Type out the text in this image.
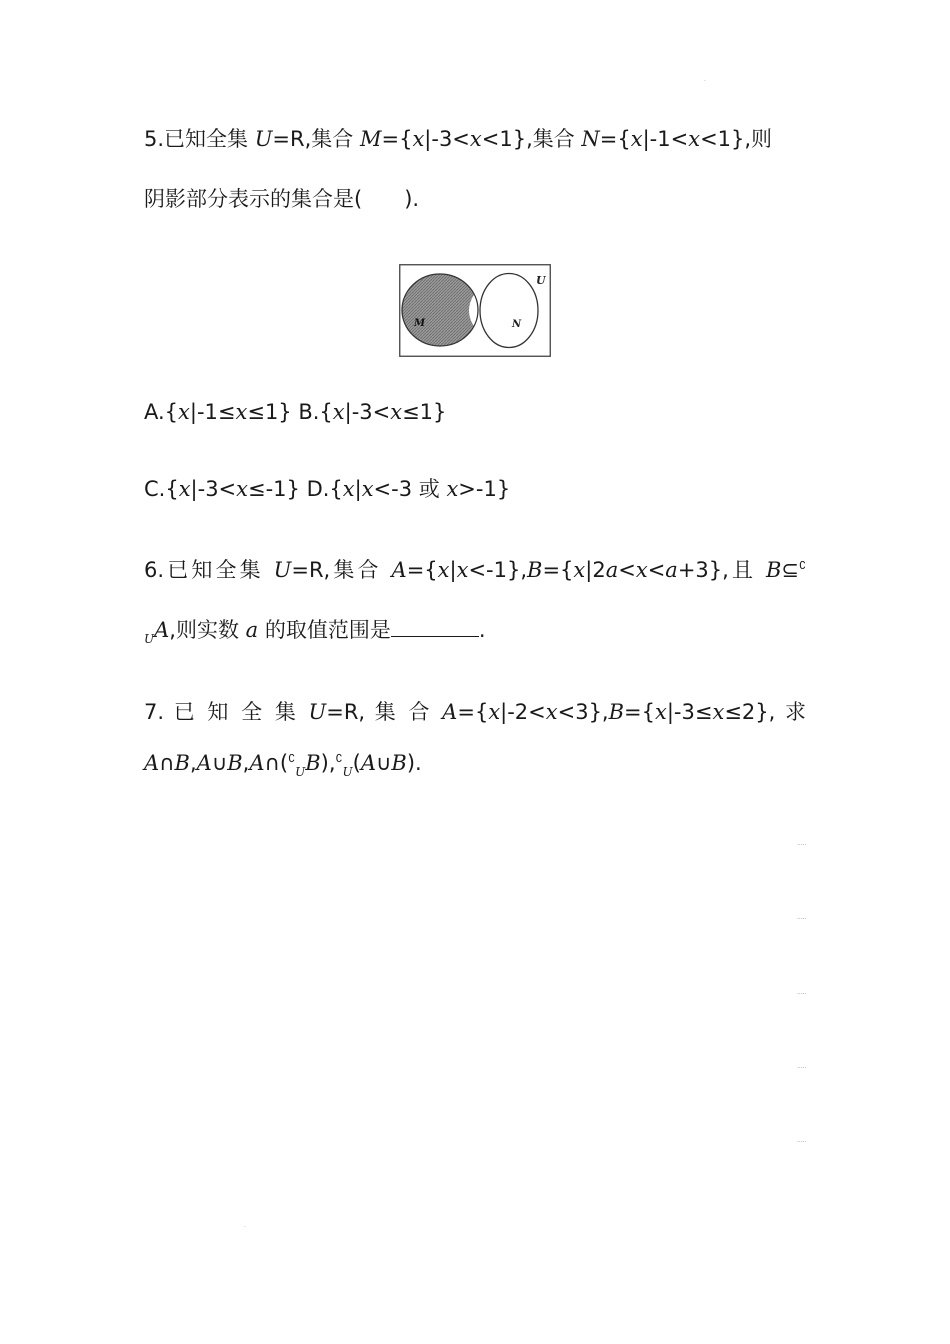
5.已知全集 U=R,集合 M={x|-3<x<1},集合 N={x|-1<x<1},则
阴影部分表示的集合是( ).
U
M	N
A.{x|-1≤x≤1} B.{x|-3<x≤1}
C.{x|-3<x≤-1} D.{x|x<-3 或 x>-1}
6.已知全集 U=R,集合 A={x|x<-1},B={x|2a<x<a+3},且 B⊆∁
$_U$A,则实数 a 的取值范围是	.
7. 已 知 全 集 U=R, 集 合 A={x|-2<x<3},B={x|-3≤x≤2}, 求
$A\cap B,A\cup B,A\cap(^∁_UB),^∁_U(A\cup B)$.
.....
.....
.....
.....
.....
.
.
